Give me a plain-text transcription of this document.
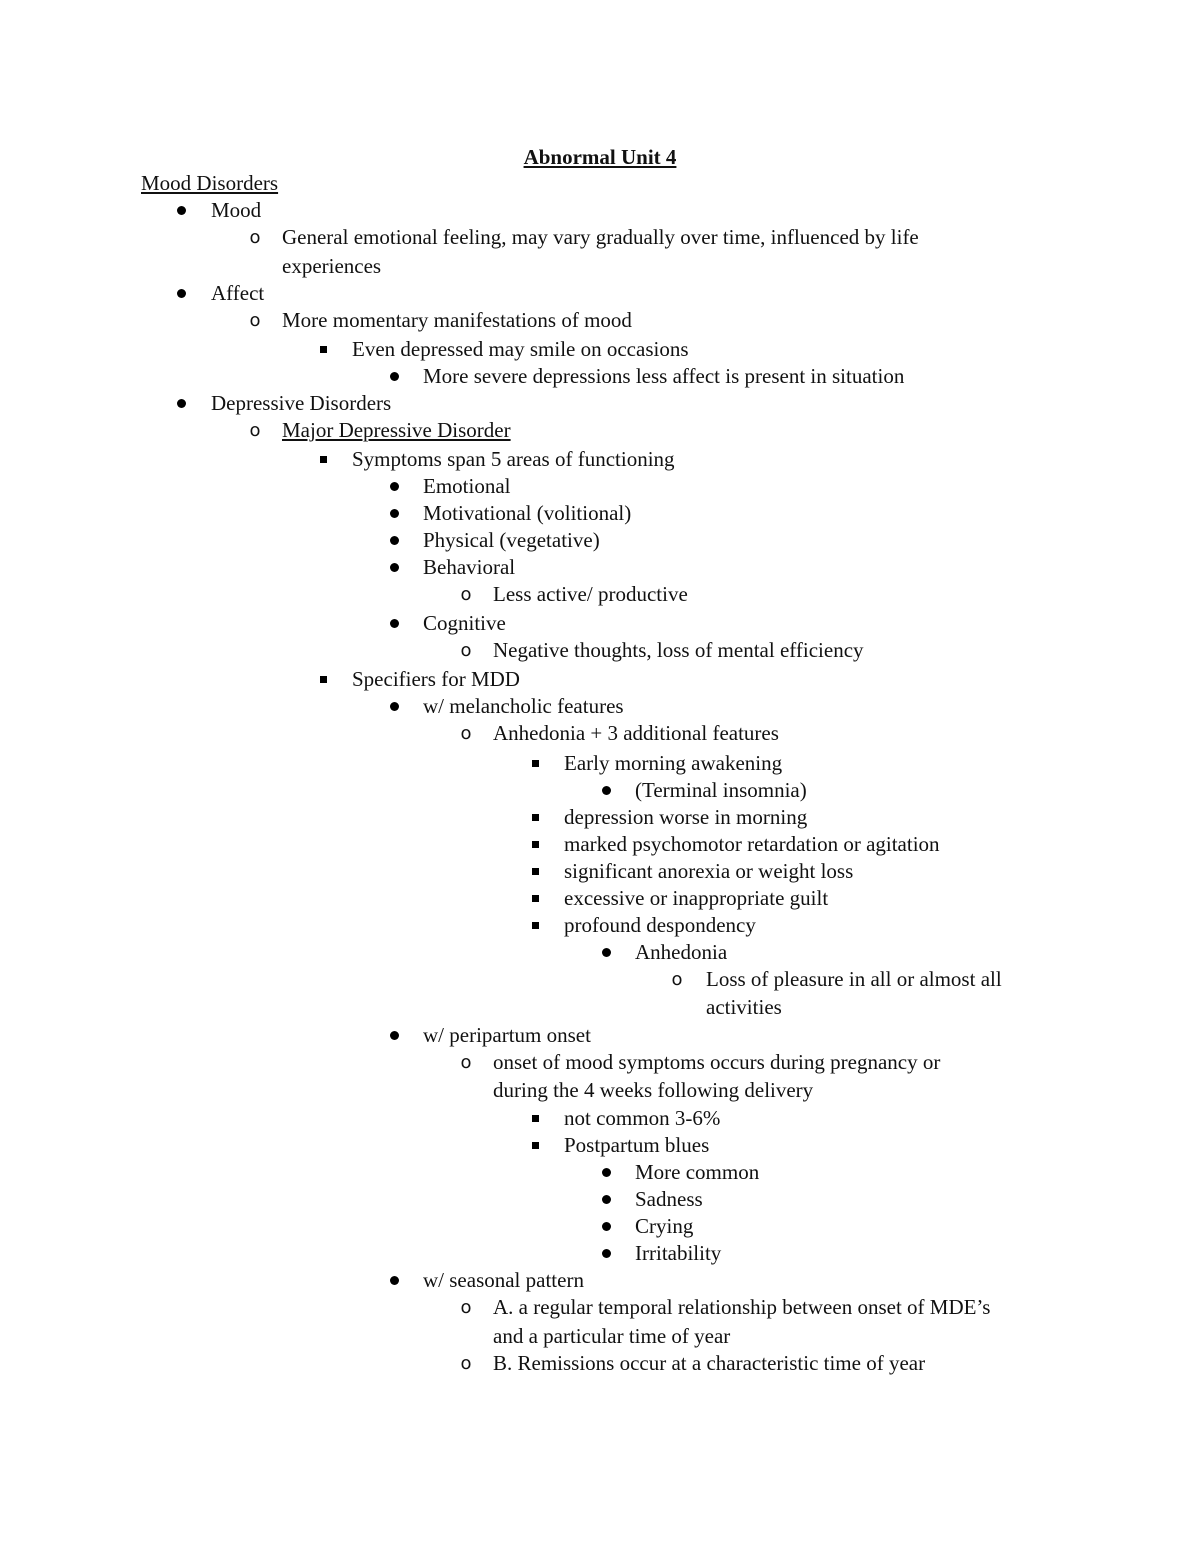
Abnormal Unit 4
Mood Disorders
Mood
o General emotional feeling, may vary gradually over time, influenced by life
experiences
Affect
o More momentary manifestations of mood
Even depressed may smile on occasions
More severe depressions less affect is present in situation
Depressive Disorders
o Major Depressive Disorder
Symptoms span 5 areas of functioning
Emotional
Motivational (volitional)
Physical (vegetative)
Behavioral
o Less active/ productive
Cognitive
o Negative thoughts, loss of mental efficiency
Specifiers for MDD
w/ melancholic features
o Anhedonia + 3 additional features
Early morning awakening
(Terminal insomnia)
depression worse in morning
marked psychomotor retardation or agitation
significant anorexia or weight loss
excessive or inappropriate guilt
profound despondency
Anhedonia
o Loss of pleasure in all or almost all
activities
w/ peripartum onset
o onset of mood symptoms occurs during pregnancy or
during the 4 weeks following delivery
not common 3-6%
Postpartum blues
More common
Sadness
Crying
Irritability
w/ seasonal pattern
o A. a regular temporal relationship between onset of MDE’s
and a particular time of year
o B. Remissions occur at a characteristic time of year
